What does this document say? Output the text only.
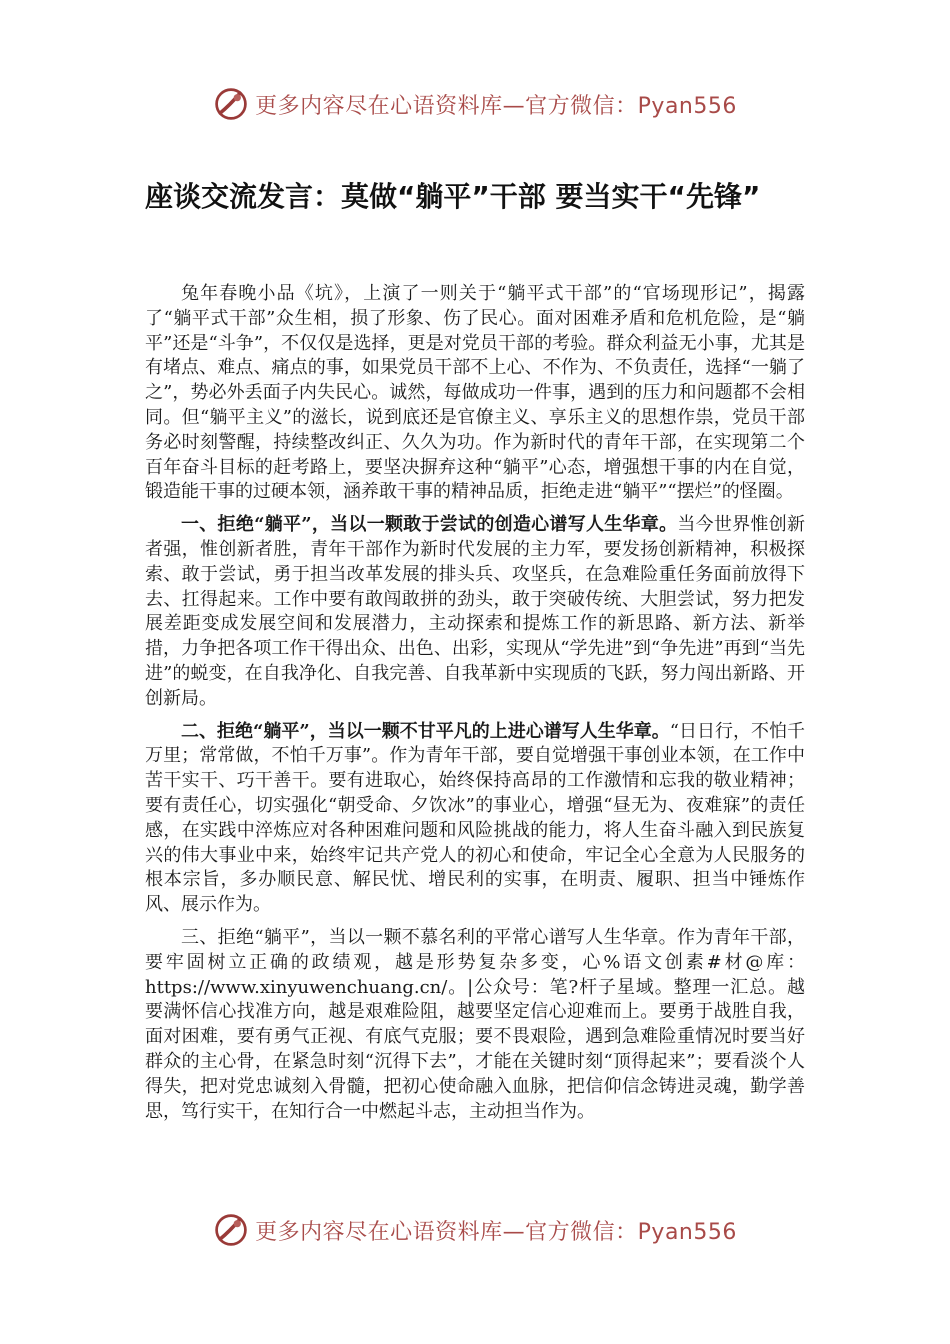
更多内容尽在心语资料库—官方微信：Pyan556
座谈交流发言：莫做“躺平”干部 要当实干“先锋”

兔年春晚小品《坑》，上演了一则关于“躺平式干部”的“官场现形记”，揭露了“躺平式干部”众生相，损了形象、伤了民心。面对困难矛盾和危机危险，是“躺平”还是“斗争”，不仅仅是选择，更是对党员干部的考验。群众利益无小事，尤其是有堵点、难点、痛点的事，如果党员干部不上心、不作为、不负责任，选择“一躺了之”，势必外丢面子内失民心。诚然，每做成功一件事，遇到的压力和问题都不会相同。但“躺平主义”的滋长，说到底还是官僚主义、享乐主义的思想作祟，党员干部务必时刻警醒，持续整改纠正、久久为功。作为新时代的青年干部，在实现第二个百年奋斗目标的赶考路上，要坚决摒弃这种“躺平”心态，增强想干事的内在自觉，锻造能干事的过硬本领，涵养敢干事的精神品质，拒绝走进“躺平”“摆烂”的怪圈。

一、拒绝“躺平”，当以一颗敢于尝试的创造心谱写人生华章。当今世界惟创新者强，惟创新者胜，青年干部作为新时代发展的主力军，要发扬创新精神，积极探索、敢于尝试，勇于担当改革发展的排头兵、攻坚兵，在急难险重任务面前放得下去、扛得起来。工作中要有敢闯敢拼的劲头，敢于突破传统、大胆尝试，努力把发展差距变成发展空间和发展潜力，主动探索和提炼工作的新思路、新方法、新举措，力争把各项工作干得出众、出色、出彩，实现从“学先进”到“争先进”再到“当先进”的蜕变，在自我净化、自我完善、自我革新中实现质的飞跃，努力闯出新路、开创新局。

二、拒绝“躺平”，当以一颗不甘平凡的上进心谱写人生华章。“日日行，不怕千万里；常常做，不怕千万事”。作为青年干部，要自觉增强干事创业本领，在工作中苦干实干、巧干善干。要有进取心，始终保持高昂的工作激情和忘我的敬业精神；要有责任心，切实强化“朝受命、夕饮冰”的事业心，增强“昼无为、夜难寐”的责任感，在实践中淬炼应对各种困难问题和风险挑战的能力，将人生奋斗融入到民族复兴的伟大事业中来，始终牢记共产党人的初心和使命，牢记全心全意为人民服务的根本宗旨，多办顺民意、解民忧、增民利的实事，在明责、履职、担当中锤炼作风、展示作为。

三、拒绝“躺平”，当以一颗不慕名利的平常心谱写人生华章。作为青年干部，要牢固树立正确的政绩观，越是形势复杂多变，心%语文创素#材@库：https://www.xinyuwenchuang.cn/。|公众号：笔?杆子星域。整理一汇总。越要满怀信心找准方向，越是艰难险阻，越要坚定信心迎难而上。要勇于战胜自我，面对困难，要有勇气正视、有底气克服；要不畏艰险，遇到急难险重情况时要当好群众的主心骨，在紧急时刻“沉得下去”，才能在关键时刻“顶得起来”；要看淡个人得失，把对党忠诚刻入骨髓，把初心使命融入血脉，把信仰信念铸进灵魂，勤学善思，笃行实干，在知行合一中燃起斗志，主动担当作为。

更多内容尽在心语资料库—官方微信：Pyan556
